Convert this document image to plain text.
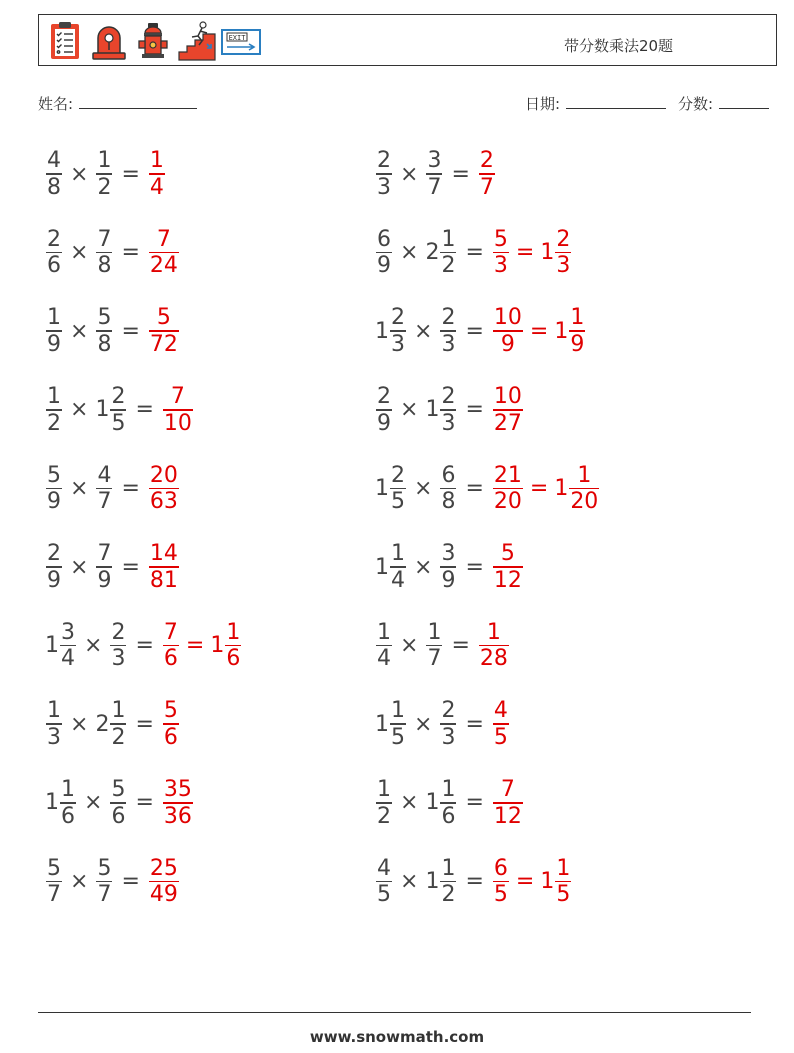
EXIT	带分数乘法20题
姓名:	日期:	分数:
$\frac{4}{8} \times \frac{1}{2} = \frac{1}{4}$	$\frac{2}{3} \times \frac{3}{7} = \frac{2}{7}$
$\frac{2}{6} \times \frac{7}{8} = \frac{7}{24}$	$\frac{6}{9} \times 2 \frac{1}{2} = \frac{5}{3} = 1 \frac{2}{3}$
$\frac{1}{9} \times \frac{5}{8} = \frac{5}{72}$	$1 \frac{2}{3} \times \frac{2}{3} = \frac{10}{9} = 1 \frac{1}{9}$
$\frac{1}{2} \times 1 \frac{2}{5} = \frac{7}{10}$	$\frac{2}{9} \times 1 \frac{2}{3} = \frac{10}{27}$
$\frac{5}{9} \times \frac{4}{7} = \frac{20}{63}$	$1 \frac{2}{5} \times \frac{6}{8} = \frac{21}{20} = 1 \frac{1}{20}$
$\frac{2}{9} \times \frac{7}{9} = \frac{14}{81}$	$1 \frac{1}{4} \times \frac{3}{9} = \frac{5}{12}$
$1 \frac{3}{4} \times \frac{2}{3} = \frac{7}{6} = 1 \frac{1}{6}$	$\frac{1}{4} \times \frac{1}{7} = \frac{1}{28}$
$\frac{1}{3} \times 2 \frac{1}{2} = \frac{5}{6}$	$1 \frac{1}{5} \times \frac{2}{3} = \frac{4}{5}$
$1 \frac{1}{6} \times \frac{5}{6} = \frac{35}{36}$	$\frac{1}{2} \times 1 \frac{1}{6} = \frac{7}{12}$
$\frac{5}{7} \times \frac{5}{7} = \frac{25}{49}$	$\frac{4}{5} \times 1 \frac{1}{2} = \frac{6}{5} = 1 \frac{1}{5}$
www.snowmath.com
